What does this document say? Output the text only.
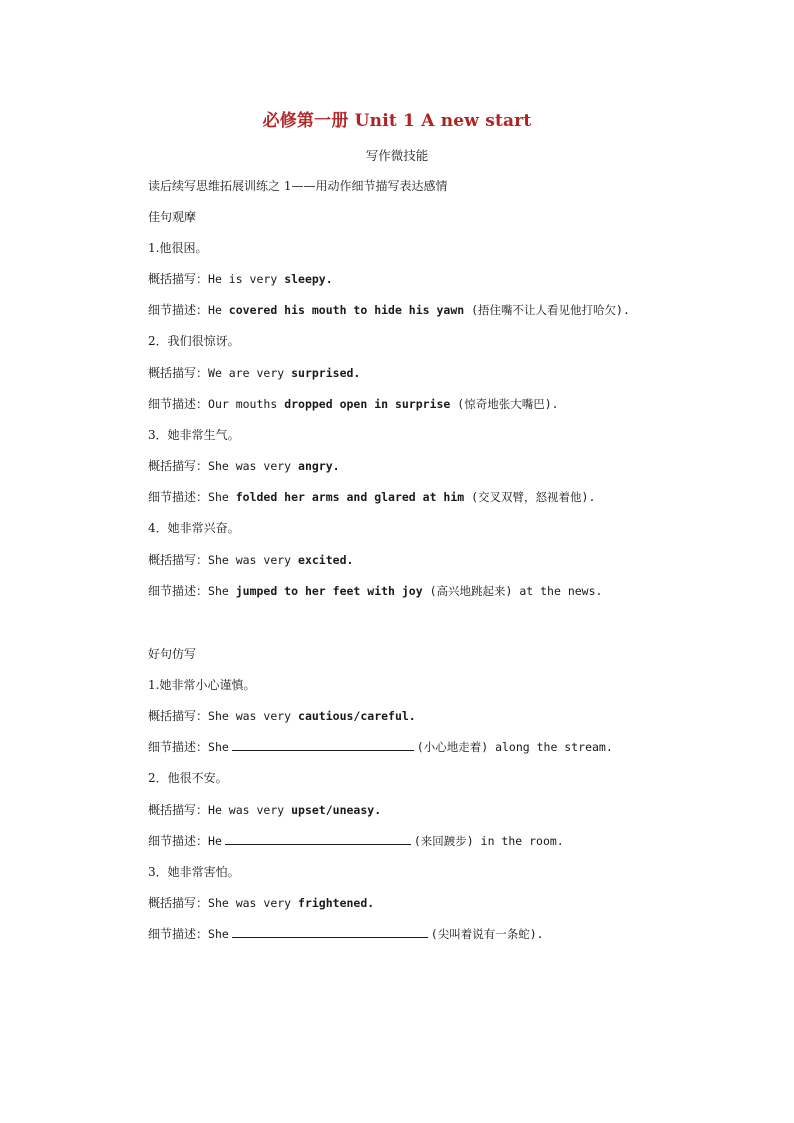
必修第一册 Unit 1 A new start
写作微技能
读后续写思维拓展训练之 1——用动作细节描写表达感情
佳句观摩
1.他很困。
概括描写：He is very sleepy.
细节描述：He covered his mouth to hide his yawn (捂住嘴不让人看见他打哈欠).
2．我们很惊讶。
概括描写：We are very surprised.
细节描述：Our mouths dropped open in surprise (惊奇地张大嘴巴).
3．她非常生气。
概括描写：She was very angry.
细节描述：She folded her arms and glared at him (交叉双臂，怒视着他).
4．她非常兴奋。
概括描写：She was very excited.
细节描述：She jumped to her feet with joy (高兴地跳起来) at the news.
好句仿写
1.她非常小心谨慎。
概括描写：She was very cautious/careful.
细节描述：She	(小心地走着) along the stream.
2．他很不安。
概括描写：He was very upset/uneasy.
细节描述：He	(来回踱步) in the room.
3．她非常害怕。
概括描写：She was very frightened.
细节描述：She	(尖叫着说有一条蛇).
